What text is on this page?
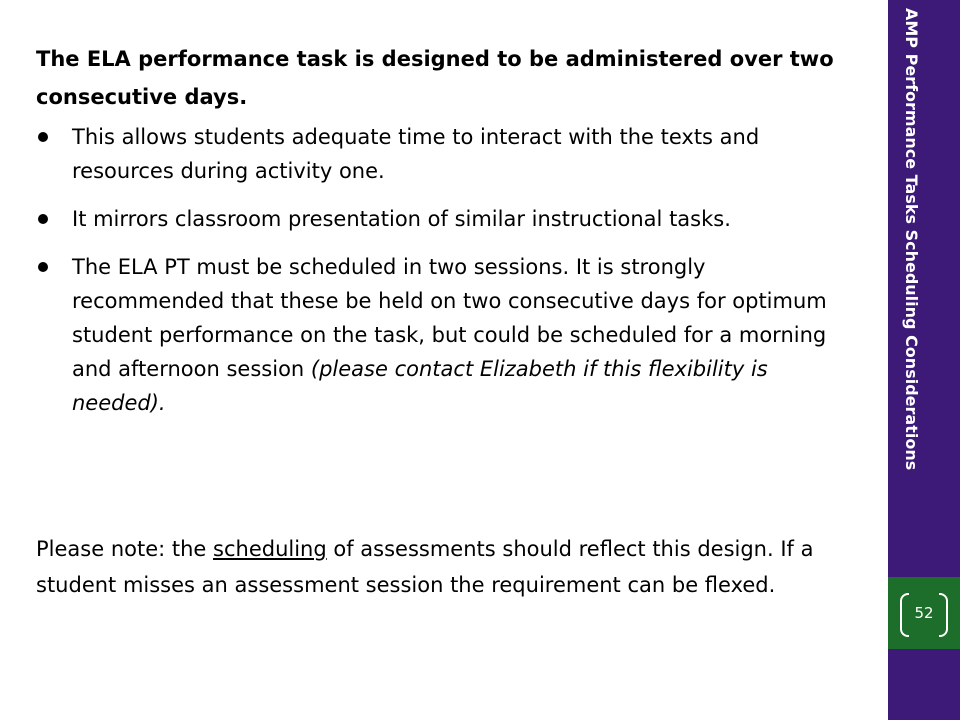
The ELA performance task is designed to be administered over two consecutive days.

This allows students adequate time to interact with the texts and resources during activity one.
It mirrors classroom presentation of similar instructional tasks.
The ELA PT must be scheduled in two sessions. It is strongly recommended that these be held on two consecutive days for optimum student performance on the task, but could be scheduled for a morning and afternoon session (please contact Elizabeth if this flexibility is needed).

Please note: the scheduling of assessments should reflect this design. If a student misses an assessment session the requirement can be flexed.

AMP Performance Tasks Scheduling Considerations
52
